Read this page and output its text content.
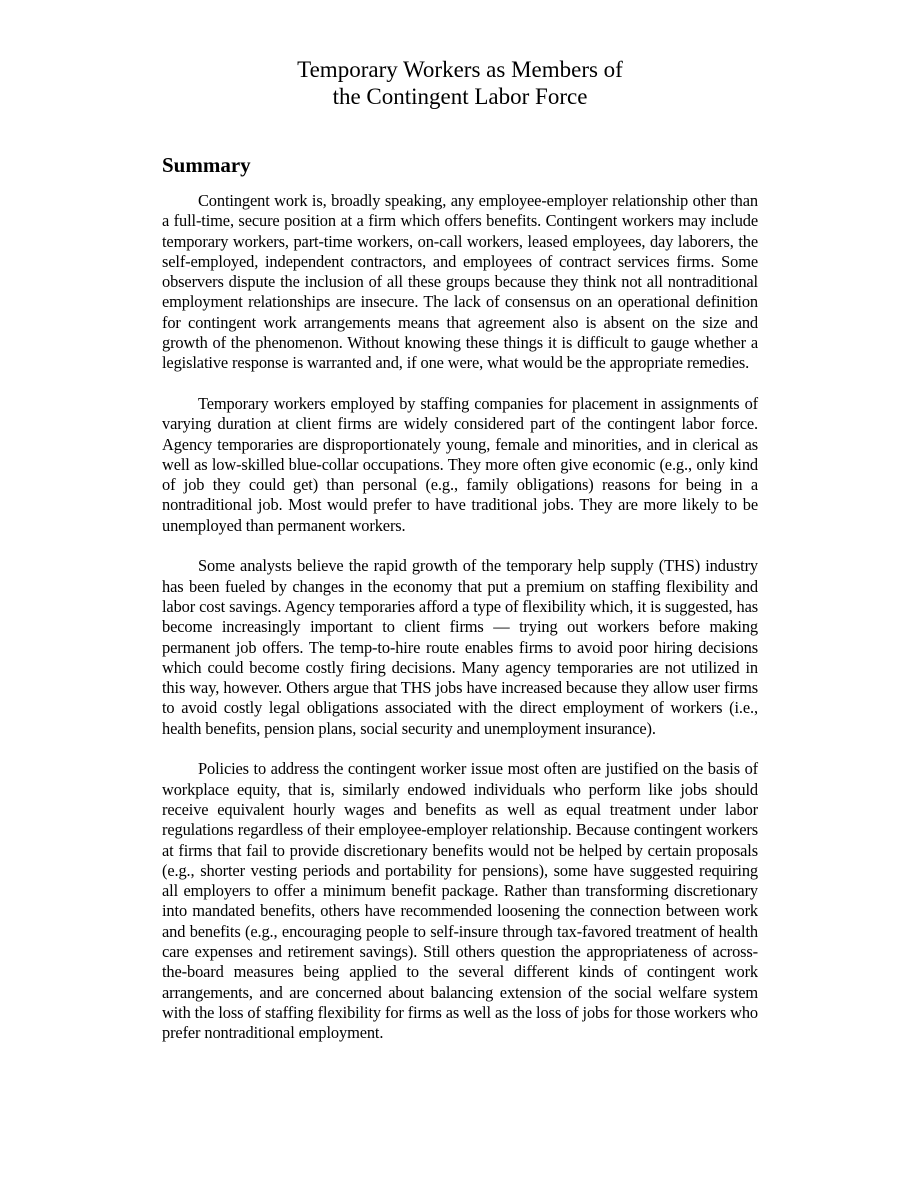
Temporary Workers as Members of
the Contingent Labor Force
Summary

Contingent work is, broadly speaking, any employee-employer relationship other than a full-time, secure position at a firm which offers benefits. Contingent workers may include temporary workers, part-time workers, on-call workers, leased employees, day laborers, the self-employed, independent contractors, and employees of contract services firms. Some observers dispute the inclusion of all these groups because they think not all nontraditional employment relationships are insecure. The lack of consensus on an operational definition for contingent work arrangements means that agreement also is absent on the size and growth of the phenomenon. Without knowing these things it is difficult to gauge whether a legislative response is warranted and, if one were, what would be the appropriate remedies.

Temporary workers employed by staffing companies for placement in assignments of varying duration at client firms are widely considered part of the contingent labor force. Agency temporaries are disproportionately young, female and minorities, and in clerical as well as low-skilled blue-collar occupations. They more often give economic (e.g., only kind of job they could get) than personal (e.g., family obligations) reasons for being in a nontraditional job. Most would prefer to have traditional jobs. They are more likely to be unemployed than permanent workers.

Some analysts believe the rapid growth of the temporary help supply (THS) industry has been fueled by changes in the economy that put a premium on staffing flexibility and labor cost savings. Agency temporaries afford a type of flexibility which, it is suggested, has become increasingly important to client firms — trying out workers before making permanent job offers. The temp-to-hire route enables firms to avoid poor hiring decisions which could become costly firing decisions. Many agency temporaries are not utilized in this way, however. Others argue that THS jobs have increased because they allow user firms to avoid costly legal obligations associated with the direct employment of workers (i.e., health benefits, pension plans, social security and unemployment insurance).

Policies to address the contingent worker issue most often are justified on the basis of workplace equity, that is, similarly endowed individuals who perform like jobs should receive equivalent hourly wages and benefits as well as equal treatment under labor regulations regardless of their employee-employer relationship. Because contingent workers at firms that fail to provide discretionary benefits would not be helped by certain proposals (e.g., shorter vesting periods and portability for pensions), some have suggested requiring all employers to offer a minimum benefit package. Rather than transforming discretionary into mandated benefits, others have recommended loosening the connection between work and benefits (e.g., encouraging people to self-insure through tax-favored treatment of health care expenses and retirement savings). Still others question the appropriateness of across-the-board measures being applied to the several different kinds of contingent work arrangements, and are concerned about balancing extension of the social welfare system with the loss of staffing flexibility for firms as well as the loss of jobs for those workers who prefer nontraditional employment.
